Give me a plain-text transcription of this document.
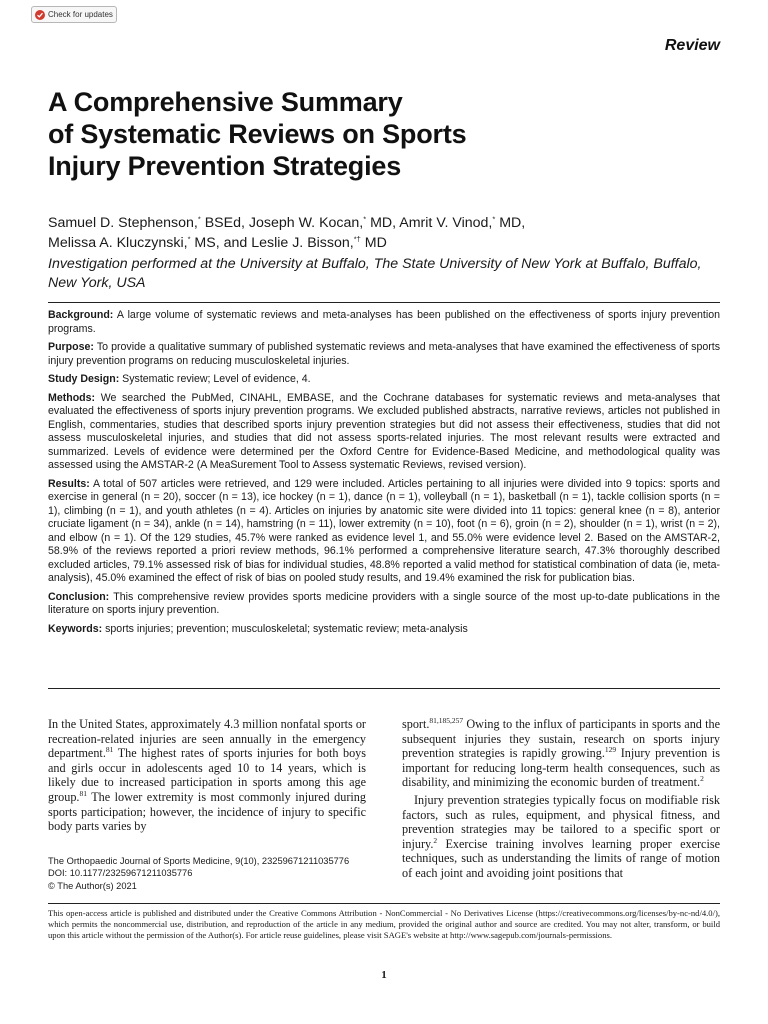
Check for updates
Review
A Comprehensive Summary
of Systematic Reviews on Sports
Injury Prevention Strategies
Samuel D. Stephenson,* BSEd, Joseph W. Kocan,* MD, Amrit V. Vinod,* MD,
Melissa A. Kluczynski,* MS, and Leslie J. Bisson,*† MD
Investigation performed at the University at Buffalo, The State University of New York at Buffalo, Buffalo, New York, USA

Background: A large volume of systematic reviews and meta-analyses has been published on the effectiveness of sports injury prevention programs.

Purpose: To provide a qualitative summary of published systematic reviews and meta-analyses that have examined the effectiveness of sports injury prevention programs on reducing musculoskeletal injuries.

Study Design: Systematic review; Level of evidence, 4.

Methods: We searched the PubMed, CINAHL, EMBASE, and the Cochrane databases for systematic reviews and meta-analyses that evaluated the effectiveness of sports injury prevention programs. We excluded published abstracts, narrative reviews, articles not published in English, commentaries, studies that described sports injury prevention strategies but did not assess their effectiveness, studies that did not assess musculoskeletal injuries, and studies that did not assess sports-related injuries. The most relevant results were extracted and summarized. Levels of evidence were determined per the Oxford Centre for Evidence-Based Medicine, and methodological quality was assessed using the AMSTAR-2 (A MeaSurement Tool to Assess systematic Reviews, revised version).

Results: A total of 507 articles were retrieved, and 129 were included. Articles pertaining to all injuries were divided into 9 topics: sports and exercise in general (n = 20), soccer (n = 13), ice hockey (n = 1), dance (n = 1), volleyball (n = 1), basketball (n = 1), tackle collision sports (n = 1), climbing (n = 1), and youth athletes (n = 4). Articles on injuries by anatomic site were divided into 11 topics: general knee (n = 8), anterior cruciate ligament (n = 34), ankle (n = 14), hamstring (n = 11), lower extremity (n = 10), foot (n = 6), groin (n = 2), shoulder (n = 1), wrist (n = 2), and elbow (n = 1). Of the 129 studies, 45.7% were ranked as evidence level 1, and 55.0% were evidence level 2. Based on the AMSTAR-2, 58.9% of the reviews reported a priori review methods, 96.1% performed a comprehensive literature search, 47.3% thoroughly described excluded articles, 79.1% assessed risk of bias for individual studies, 48.8% reported a valid method for statistical combination of data (ie, meta-analysis), 45.0% examined the effect of risk of bias on pooled study results, and 19.4% examined the risk for publication bias.

Conclusion: This comprehensive review provides sports medicine providers with a single source of the most up-to-date publications in the literature on sports injury prevention.

Keywords: sports injuries; prevention; musculoskeletal; systematic review; meta-analysis

In the United States, approximately 4.3 million nonfatal sports or recreation-related injuries are seen annually in the emergency department.$^{81}$ The highest rates of sports injuries for both boys and girls occur in adolescents aged 10 to 14 years, which is likely due to increased participation in sports among this age group.$^{81}$ The lower extremity is most commonly injured during sports participation; however, the incidence of injury to specific body parts varies by

sport.$^{81,185,257}$ Owing to the influx of participants in sports and the subsequent injuries they sustain, research on sports injury prevention strategies is rapidly growing.$^{129}$ Injury prevention is important for reducing long-term health consequences, such as disability, and minimizing the economic burden of treatment.$^2$

Injury prevention strategies typically focus on modifiable risk factors, such as rules, equipment, and physical fitness, and prevention strategies may be tailored to a specific sport or injury.$^2$ Exercise training involves learning proper exercise techniques, such as understanding the limits of range of motion of each joint and avoiding joint positions that

The Orthopaedic Journal of Sports Medicine, 9(10), 23259671211035776
DOI: 10.1177/23259671211035776
© The Author(s) 2021
This open-access article is published and distributed under the Creative Commons Attribution - NonCommercial - No Derivatives License (https://creativecommons.org/licenses/by-nc-nd/4.0/), which permits the noncommercial use, distribution, and reproduction of the article in any medium, provided the original author and source are credited. You may not alter, transform, or build upon this article without the permission of the Author(s). For article reuse guidelines, please visit SAGE's website at http://www.sagepub.com/journals-permissions.
1
